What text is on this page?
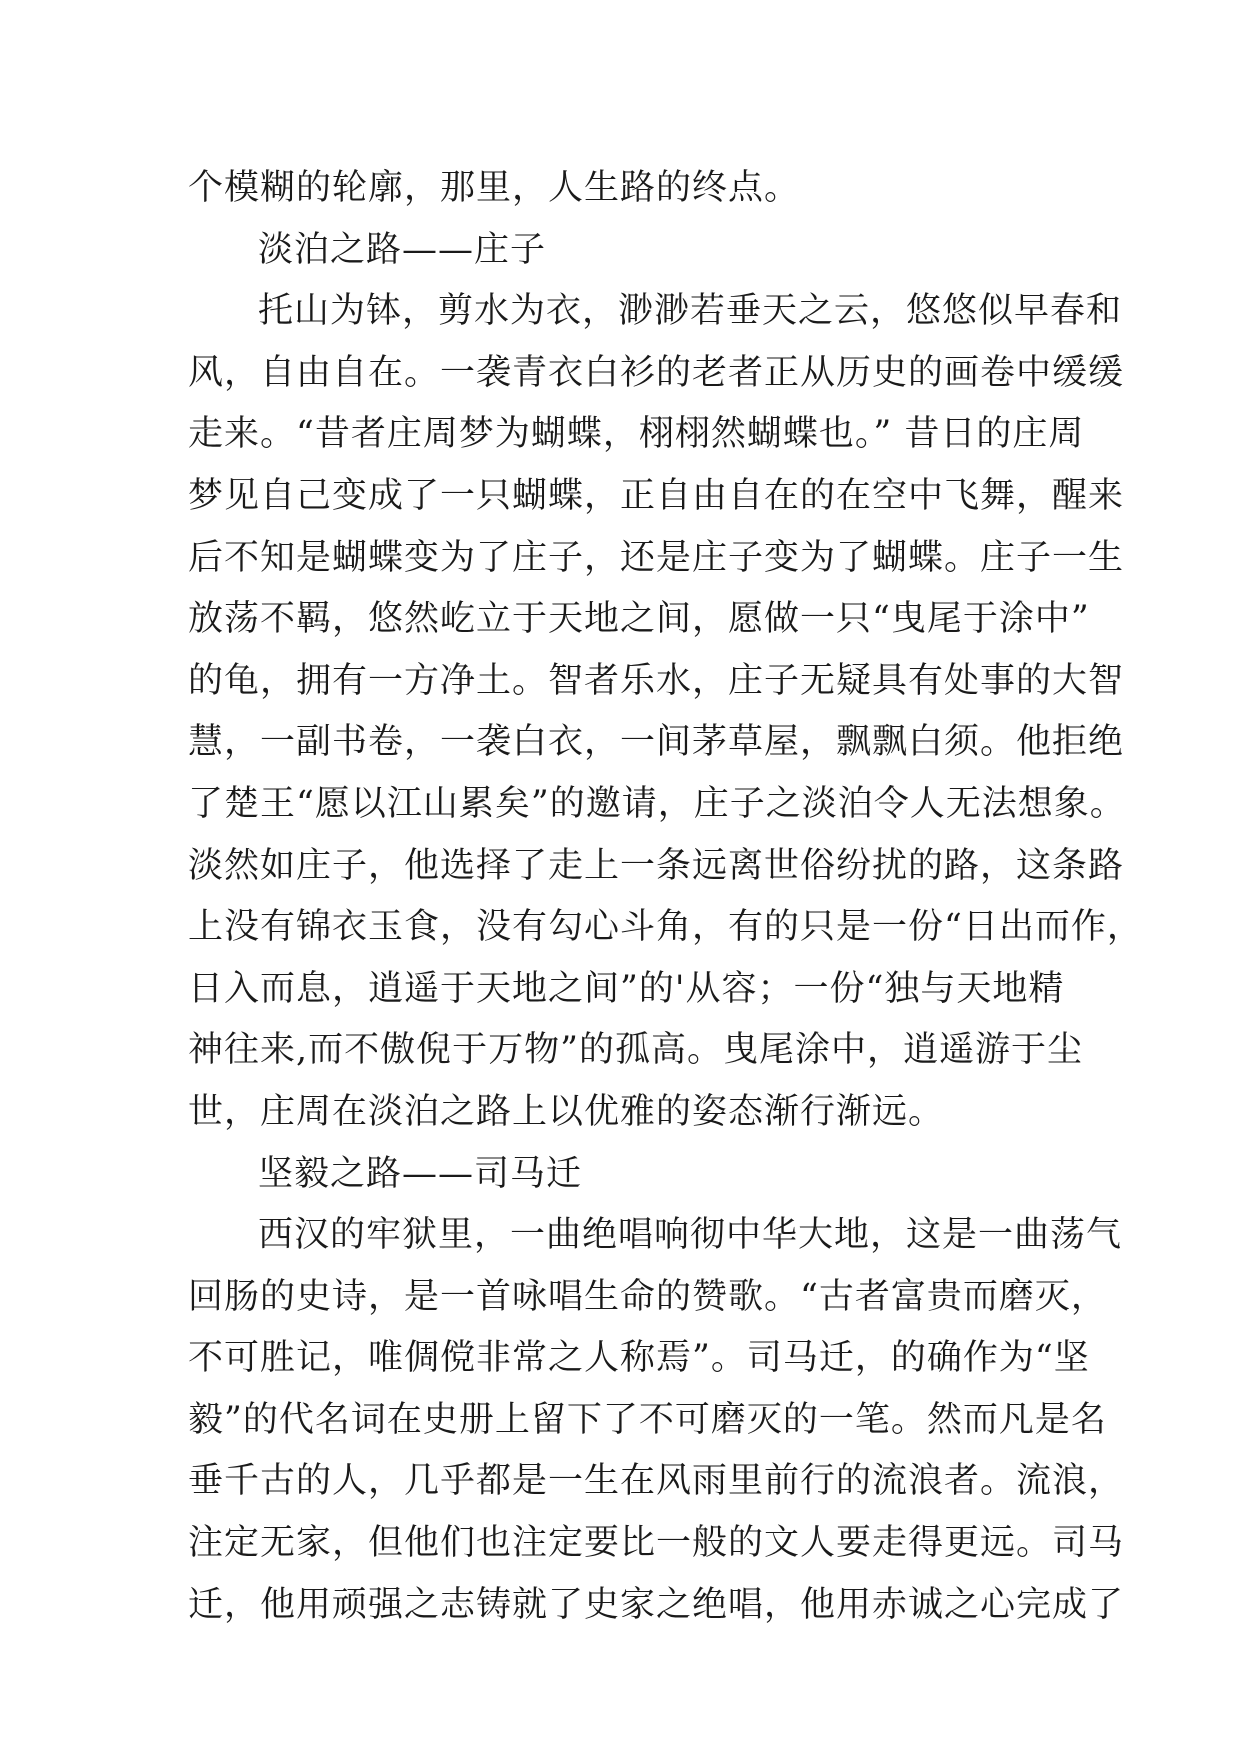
个模糊的轮廓，那里，人生路的终点。
淡泊之路——庄子
托山为钵，剪水为衣，渺渺若垂天之云，悠悠似早春和
风，自由自在。一袭青衣白衫的老者正从历史的画卷中缓缓
走来。“昔者庄周梦为蝴蝶，栩栩然蝴蝶也。” 昔日的庄周
梦见自己变成了一只蝴蝶，正自由自在的在空中飞舞，醒来
后不知是蝴蝶变为了庄子，还是庄子变为了蝴蝶。庄子一生
放荡不羁，悠然屹立于天地之间，愿做一只“曳尾于涂中”
的龟，拥有一方净土。智者乐水，庄子无疑具有处事的大智
慧，一副书卷，一袭白衣，一间茅草屋，飘飘白须。他拒绝
了楚王“愿以江山累矣”的邀请，庄子之淡泊令人无法想象。
淡然如庄子，他选择了走上一条远离世俗纷扰的路，这条路
上没有锦衣玉食，没有勾心斗角，有的只是一份“日出而作，
日入而息，逍遥于天地之间”的'从容；一份“独与天地精
神往来,而不傲倪于万物”的孤高。曳尾涂中，逍遥游于尘
世，庄周在淡泊之路上以优雅的姿态渐行渐远。
坚毅之路——司马迁
西汉的牢狱里，一曲绝唱响彻中华大地，这是一曲荡气
回肠的史诗，是一首咏唱生命的赞歌。“古者富贵而磨灭，
不可胜记，唯倜傥非常之人称焉”。司马迁，的确作为“坚
毅”的代名词在史册上留下了不可磨灭的一笔。然而凡是名
垂千古的人，几乎都是一生在风雨里前行的流浪者。流浪，
注定无家，但他们也注定要比一般的文人要走得更远。司马
迁，他用顽强之志铸就了史家之绝唱，他用赤诚之心完成了
